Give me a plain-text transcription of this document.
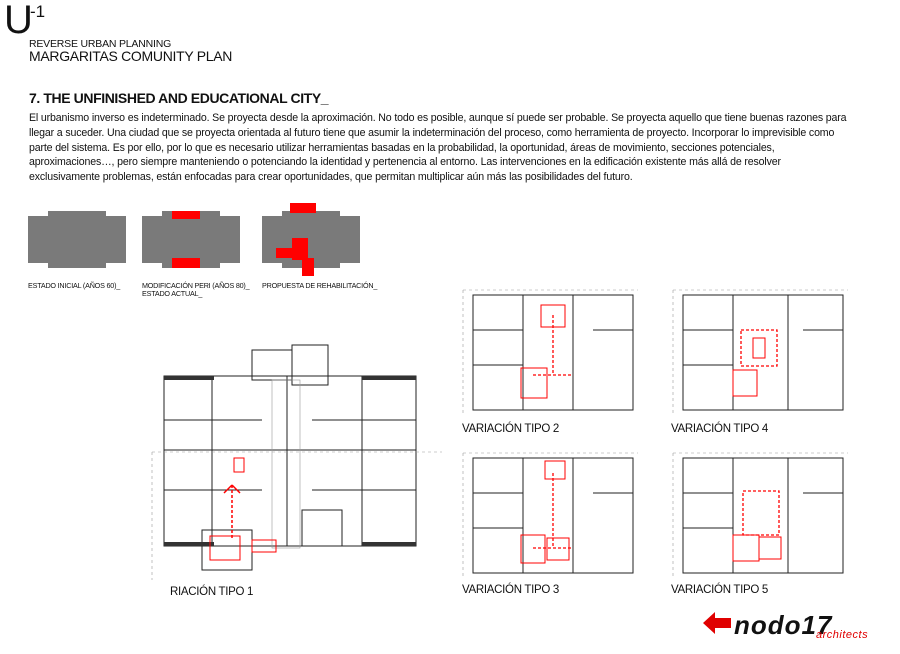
U
-1
REVERSE URBAN PLANNING
MARGARITAS COMUNITY PLAN
7. THE UNFINISHED AND EDUCATIONAL CITY_
El urbanismo inverso es indeterminado. Se proyecta desde la aproximación. No todo es posible, aunque sí puede ser probable. Se proyecta aquello que tiene buenas razones para llegar a suceder. Una ciudad que se proyecta orientada al futuro tiene que asumir la indeterminación del proceso, como herramienta de proyecto. Incorporar lo imprevisible como parte del sistema. Es por ello, por lo que es necesario utilizar herramientas basadas en la probabilidad, la oportunidad, áreas de movimiento, secciones potenciales, aproximaciones…, pero siempre manteniendo o potenciando la identidad y pertenencia al entorno. Las intervenciones en la edificación existente más allá de resolver exclusivamente problemas, están enfocadas para crear oportunidades, que permitan multiplicar aún más las posibilidades del futuro.
ESTADO INICIAL (AÑOS 60)_	MODIFICACIÓN PERI (AÑOS 80)_
ESTADO ACTUAL_
PROPUESTA DE REHABILITACIÓN_
RIACIÓN TIPO 1
VARIACIÓN TIPO 2	VARIACIÓN TIPO 4
VARIACIÓN TIPO 3	VARIACIÓN TIPO 5
nodo17
architects
